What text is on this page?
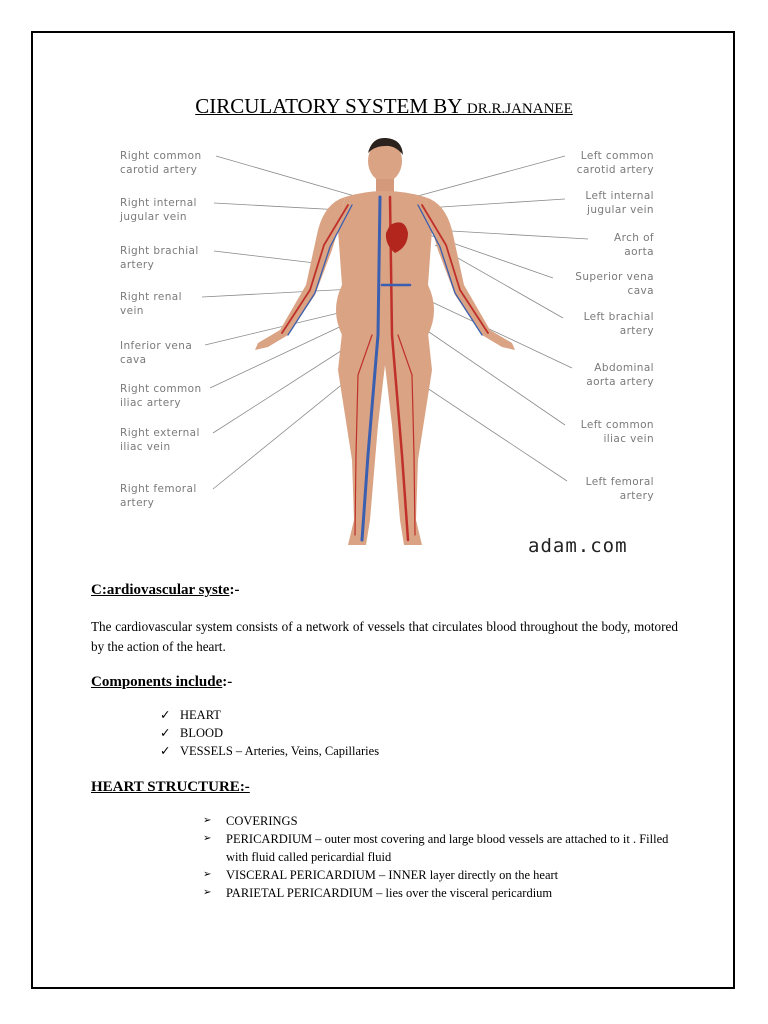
CIRCULATORY SYSTEM BY DR.R.JANANEE
Right common
carotid artery
Right internal
jugular vein
Right brachial
artery
Right renal
vein
Inferior vena
cava
Right common
iliac artery
Right external
iliac vein
Right femoral
artery
Left common
carotid artery
Left internal
jugular vein
Arch of
aorta
Superior vena
cava
Left brachial
artery
Abdominal
aorta artery
Left common
iliac vein
Left femoral
artery
adam.com
C:ardiovascular syste:-
The cardiovascular system consists of a network of vessels that circulates blood throughout the body, motored by the action of the heart.
Components include:-
✓ HEART
✓ BLOOD
✓ VESSELS – Arteries, Veins, Capillaries
HEART STRUCTURE:-
➢ COVERINGS
➢ PERICARDIUM – outer most covering and large blood vessels are attached to it . Filled with fluid called pericardial fluid
➢ VISCERAL PERICARDIUM – INNER layer directly on the heart
➢ PARIETAL PERICARDIUM – lies over the visceral pericardium
